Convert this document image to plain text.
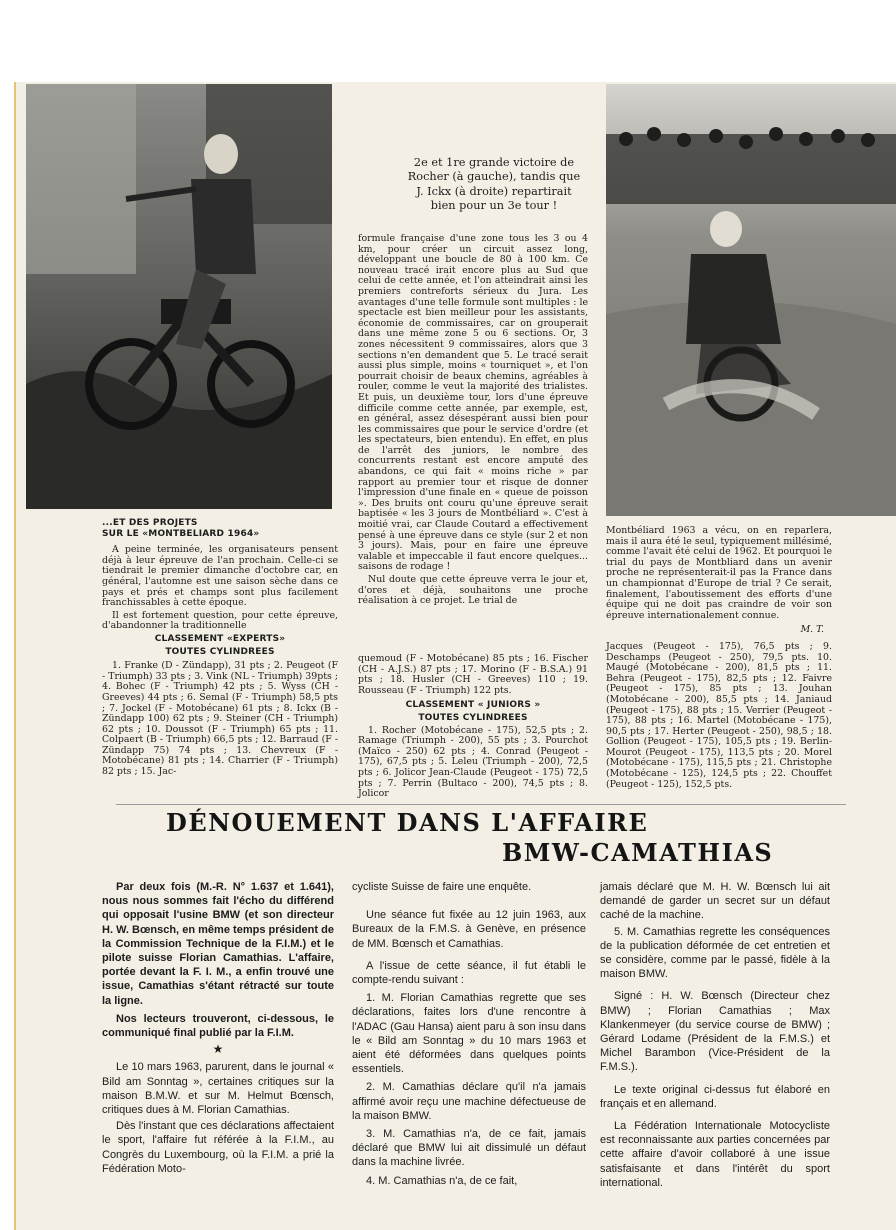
2e et 1re grande victoire de
Rocher (à gauche), tandis que
J. Ickx (à droite) repartirait
bien pour un 3e tour !

formule française d'une zone tous les 3 ou 4 km, pour créer un circuit assez long, développant une boucle de 80 à 100 km. Ce nouveau tracé irait encore plus au Sud que celui de cette année, et l'on atteindrait ainsi les premiers contreforts sérieux du Jura. Les avantages d'une telle formule sont multiples : le spectacle est bien meilleur pour les assistants, économie de commissaires, car on grouperait dans une même zone 5 ou 6 sections. Or, 3 zones nécessitent 9 commissaires, alors que 3 sections n'en demandent que 5. Le tracé serait aussi plus simple, moins « tourniquet », et l'on pourrait choisir de beaux chemins, agréables à rouler, comme le veut la majorité des trialistes. Et puis, un deuxième tour, lors d'une épreuve difficile comme cette année, par exemple, est, en général, assez désespérant aussi bien pour les commissaires que pour le service d'ordre (et les spectateurs, bien entendu). En effet, en plus de l'arrêt des juniors, le nombre des concurrents restant est encore amputé des abandons, ce qui fait « moins riche » par rapport au premier tour et risque de donner l'impression d'une finale en « queue de poisson ». Des bruits ont couru qu'une épreuve serait baptisée « les 3 jours de Montbéliard ». C'est à moitié vrai, car Claude Coutard a effectivement pensé à une épreuve dans ce style (sur 2 et non 3 jours). Mais, pour en faire une épreuve valable et impeccable il faut encore quelques... saisons de rodage !

Nul doute que cette épreuve verra le jour et, d'ores et déjà, souhaitons une proche réalisation à ce projet. Le trial de

...ET DES PROJETS
SUR LE «MONTBELIARD 1964»

A peine terminée, les organisateurs pensent déjà à leur épreuve de l'an prochain. Celle-ci se tiendrait le premier dimanche d'octobre car, en général, l'automne est une saison sèche dans ce pays et prés et champs sont plus facilement franchissables à cette époque.

Il est fortement question, pour cette épreuve, d'abandonner la traditionnelle

CLASSEMENT «EXPERTS»
TOUTES CYLINDREES

1. Franke (D - Zündapp), 31 pts ; 2. Peugeot (F - Triumph) 33 pts ; 3. Vink (NL - Triumph) 39pts ; 4. Bohec (F - Triumph) 42 pts ; 5. Wyss (CH - Greeves) 44 pts ; 6. Semal (F - Triumph) 58,5 pts ; 7. Jockel (F - Motobécane) 61 pts ; 8. Ickx (B - Zündapp 100) 62 pts ; 9. Steiner (CH - Triumph) 62 pts ; 10. Doussot (F - Triumph) 65 pts ; 11. Colpaert (B - Triumph) 66,5 pts ; 12. Barraud (F - Zündapp 75) 74 pts ; 13. Chevreux (F - Motobécane) 81 pts ; 14. Charrier (F - Triumph) 82 pts ; 15. Jac-

quemoud (F - Motobécane) 85 pts ; 16. Fischer (CH - A.J.S.) 87 pts ; 17. Morino (F - B.S.A.) 91 pts ; 18. Husler (CH - Greeves) 110 ; 19. Rousseau (F - Triumph) 122 pts.

CLASSEMENT « JUNIORS »
TOUTES CYLINDREES

1. Rocher (Motobécane - 175), 52,5 pts ; 2. Ramage (Triumph - 200), 55 pts ; 3. Pourchot (Maïco - 250) 62 pts ; 4. Conrad (Peugeot - 175), 67,5 pts ; 5. Leleu (Triumph - 200), 72,5 pts ; 6. Jolicor Jean-Claude (Peugeot - 175) 72,5 pts ; 7. Perrin (Bultaco - 200), 74,5 pts ; 8. Jolicor

Montbéliard 1963 a vécu, on en reparlera, mais il aura été le seul, typiquement millésimé, comme l'avait été celui de 1962. Et pourquoi le trial du pays de Montbliard dans un avenir proche ne représenterait-il pas la France dans un championnat d'Europe de trial ? Ce serait, finalement, l'aboutissement des efforts d'une équipe qui ne doit pas craindre de voir son épreuve internationalement connue.

M. T.

Jacques (Peugeot - 175), 76,5 pts ; 9. Deschamps (Peugeot - 250), 79,5 pts. 10. Maugé (Motobécane - 200), 81,5 pts ; 11. Behra (Peugeot - 175), 82,5 pts ; 12. Faivre (Peugeot - 175), 85 pts ; 13. Jouhan (Motobécane - 200), 85,5 pts ; 14. Janiaud (Peugeot - 175), 88 pts ; 15. Verrier (Peugeot - 175), 88 pts ; 16. Martel (Motobécane - 175), 90,5 pts ; 17. Herter (Peugeot - 250), 98,5 ; 18. Gollion (Peugeot - 175), 105,5 pts ; 19. Berlin-Mourot (Peugeot - 175), 113,5 pts ; 20. Morel (Motobécane - 175), 115,5 pts ; 21. Christophe (Motobécane - 125), 124,5 pts ; 22. Chouffet (Peugeot - 125), 152,5 pts.

DÉNOUEMENT DANS L'AFFAIRE
BMW-CAMATHIAS

Par deux fois (M.-R. N° 1.637 et 1.641), nous nous sommes fait l'écho du différend qui opposait l'usine BMW (et son directeur H. W. Bœnsch, en même temps président de la Commission Technique de la F.I.M.) et le pilote suisse Florian Camathias. L'affaire, portée devant la F. I. M., a enfin trouvé une issue, Camathias s'étant rétracté sur toute la ligne.

Nos lecteurs trouveront, ci-dessous, le communiqué final publié par la F.I.M.

★

Le 10 mars 1963, parurent, dans le journal « Bild am Sonntag », certaines critiques sur la maison B.M.W. et sur M. Helmut Bœnsch, critiques dues à M. Florian Camathias.

Dès l'instant que ces déclarations affectaient le sport, l'affaire fut référée à la F.I.M., au Congrès du Luxembourg, où la F.I.M. a prié la Fédération Moto-

cycliste Suisse de faire une enquête.

Une séance fut fixée au 12 juin 1963, aux Bureaux de la F.M.S. à Genève, en présence de MM. Bœnsch et Camathias.

A l'issue de cette séance, il fut établi le compte-rendu suivant :

1. M. Florian Camathias regrette que ses déclarations, faites lors d'une rencontre à l'ADAC (Gau Hansa) aient paru à son insu dans le « Bild am Sonntag » du 10 mars 1963 et aient été déformées dans quelques points essentiels.

2. M. Camathias déclare qu'il n'a jamais affirmé avoir reçu une machine défectueuse de la maison BMW.

3. M. Camathias n'a, de ce fait, jamais déclaré que BMW lui ait dissimulé un défaut dans la machine livrée.

4. M. Camathias n'a, de ce fait,

jamais déclaré que M. H. W. Bœnsch lui ait demandé de garder un secret sur un défaut caché de la machine.

5. M. Camathias regrette les conséquences de la publication déformée de cet entretien et se considère, comme par le passé, fidèle à la maison BMW.

Signé : H. W. Bœnsch (Directeur chez BMW) ; Florian Camathias ; Max Klankenmeyer (du service course de BMW) ; Gérard Lodame (Président de la F.M.S.) et Michel Barambon (Vice-Président de la F.M.S.).

Le texte original ci-dessus fut élaboré en français et en allemand.

La Fédération Internationale Motocycliste est reconnaissante aux parties concernées par cette affaire d'avoir collaboré à une issue satisfaisante et dans l'intérêt du sport international.
